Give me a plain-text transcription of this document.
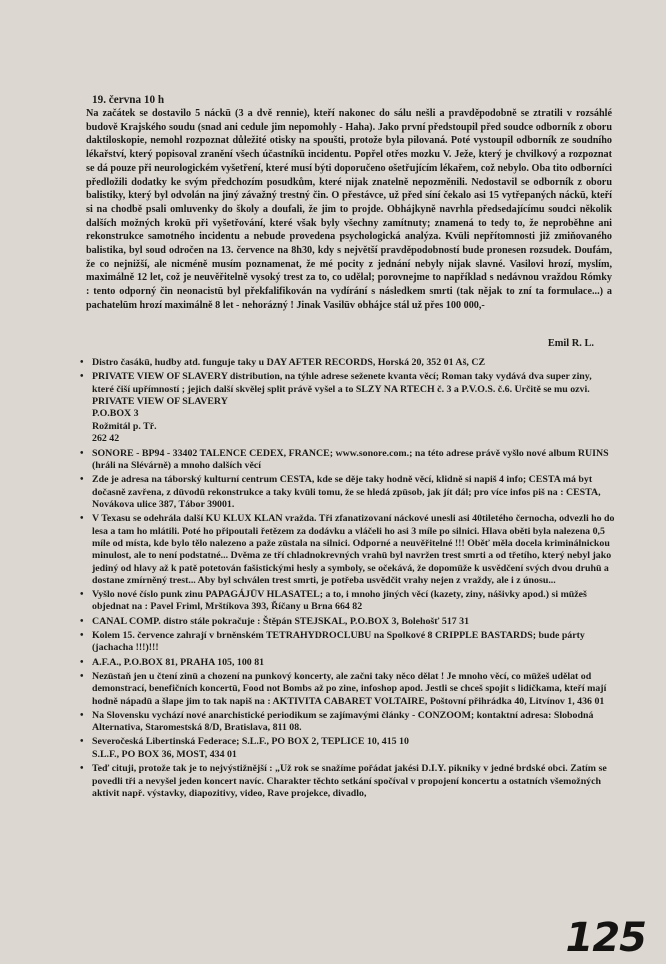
19. června 10 h

Na začátek se dostavilo 5 náckū (3 a dvě rennie), kteří nakonec do sálu nešli a pravděpodobně se ztratili v rozsáhlé budově Krajského soudu (snad ani cedule jim nepomohly - Haha). Jako první předstoupil před soudce odborník z oboru daktiloskopie, nemohl rozpoznat důležité otisky na spoušti, protože byla pilovaná. Poté vystoupil odborník ze soudního lékařství, který popisoval zranění všech účastníkū incidentu. Popřel otřes mozku V. Ježe, který je chvilkový a rozpoznat se dá pouze při neurologickém vyšetření, které musí býti doporučeno ošetřujícím lékařem, což nebylo. Oba tito odborníci předložili dodatky ke svým předchozím posudkům, které nijak znatelně nepozměnili. Nedostavil se odborník z oboru balistiky, který byl odvolán na jiný závažný trestný čin. O přestávce, už před síní čekalo asi 15 vytřepaných náckū, kteří si na chodbě psali omluvenky do školy a doufali, že jim to projde. Obhájkyně navrhla předsedajícímu soudci několik dalších možných krokū při vyšetřování, které však byly všechny zamítnuty; znamená to tedy to, že neproběhne ani rekonstrukce samotného incidentu a nebude provedena psychologická analýza. Kvūli nepřítomnosti již zmiňovaného balistika, byl soud odročen na 13. července na 8h30, kdy s největší pravděpodobností bude pronesen rozsudek. Doufám, že co nejnižší, ale nicméně musím poznamenat, že mé pocity z jednání nebyly nijak slavné. Vasilovi hrozí, myslím, maximálně 12 let, což je neuvěřitelně vysoký trest za to, co udělal; porovnejme to například s nedávnou vraždou Rómky : tento odporný čin neonacistū byl překfalifikován na vydírání s následkem smrti (tak nějak to zní ta formulace...) a pachatelūm hrozí maximálně 8 let - nehorázný ! Jinak Vasilūv obhájce stál už přes 100 000,-

Emil R. L.
• Distro časákū, hudby atd. funguje taky u DAY AFTER RECORDS, Horská 20, 352 01 Aš, CZ
• PRIVATE VIEW OF SLAVERY distribution, na týhle adrese seženete kvanta věcí; Roman taky vydává dva super ziny, které čiší upřímností ; jejich další skvělej split právě vyšel a to SLZY NA RTECH č. 3 a P.V.O.S. č.6. Určitě se mu ozvi.
PRIVATE VIEW OF SLAVERY
P.O.BOX 3
Rožmitál p. Tř.
262 42
• SONORE - BP94 - 33402 TALENCE CEDEX, FRANCE; www.sonore.com.; na této adrese právě vyšlo nové album RUINS (hráli na Slévárně) a mnoho dalších věcí
• Zde je adresa na táborský kulturní centrum CESTA, kde se děje taky hodně věcí, klidně si napiš 4 info; CESTA má byt dočasně zavřena, z dūvodū rekonstrukce a taky kvūli tomu, že se hledá zpūsob, jak jít dál; pro více infos piš na : CESTA, Novákova ulice 387, Tábor 39001.
• V Texasu se odehrála další KU KLUX KLAN vražda. Tři zfanatizovaní náckové unesli asi 40tiletého černocha, odvezli ho do lesa a tam ho mlátili. Poté ho připoutali řetězem za dodávku a vláčeli ho asi 3 míle po silnici. Hlava oběti byla nalezena 0,5 míle od místa, kde bylo tělo nalezeno a paže zūstala na silnici. Odporné a neuvěřitelné !!! Oběť měla docela kriminálnickou minulost, ale to není podstatné... Dvěma ze tří chladnokrevných vrahū byl navržen trest smrti a od třetího, který nebyl jako jediný od hlavy až k patě potetován fašistickými hesly a symboly, se očekává, že dopomūže k usvědčení svých dvou druhū a dostane zmírněný trest... Aby byl schválen trest smrti, je potřeba usvědčit vrahy nejen z vraždy, ale i z únosu...
• Vyšlo nové číslo punk zinu PAPAGÁJŪV HLASATEL; a to, i mnoho jiných věcí (kazety, ziny, nášivky apod.) si mūžeš objednat na : Pavel Friml, Mrštíkova 393, Říčany u Brna 664 82
• CANAL COMP. distro stále pokračuje : Štěpán STEJSKAL, P.O.BOX 3, Bolehošť 517 31
• Kolem 15. července zahrají v brněnském TETRAHYDROCLUBU na Spolkové 8 CRIPPLE BASTARDS; bude párty (jachacha !!!)!!!
• A.F.A., P.O.BOX 81, PRAHA 105, 100 81
• Nezūstaň jen u čtení zinū a chození na punkový koncerty, ale začni taky něco dělat ! Je mnoho věcí, co mūžeš udělat od demonstrací, benefičních koncertū, Food not Bombs až po zine, infoshop apod. Jestli se chceš spojit s lidičkama, kteří mají hodně nápadū a šlape jim to tak napiš na : AKTIVITA CABARET VOLTAIRE, Poštovní přihrádka 40, Litvínov 1, 436 01
• Na Slovensku vychází nové anarchistické periodikum se zajímavými články - CONZOOM; kontaktní adresa: Slobodná Alternativa, Staromestská 8/D, Bratislava, 811 08.
• Severočeská Libertinská Federace; S.L.F., PO BOX 2, TEPLICE 10, 415 10
S.L.F., PO BOX 36, MOST, 434 01
• Teď cituji, protože tak je to nejvýstižnější : „Už rok se snažíme pořádat jakési D.I.Y. pikniky v jedné brdské obci. Zatím se povedli tři a nevyšel jeden koncert navíc. Charakter těchto setkání spočíval v propojení koncertu a ostatních všemožných aktivit např. výstavky, diapozitivy, video, Rave projekce, divadlo,
125
